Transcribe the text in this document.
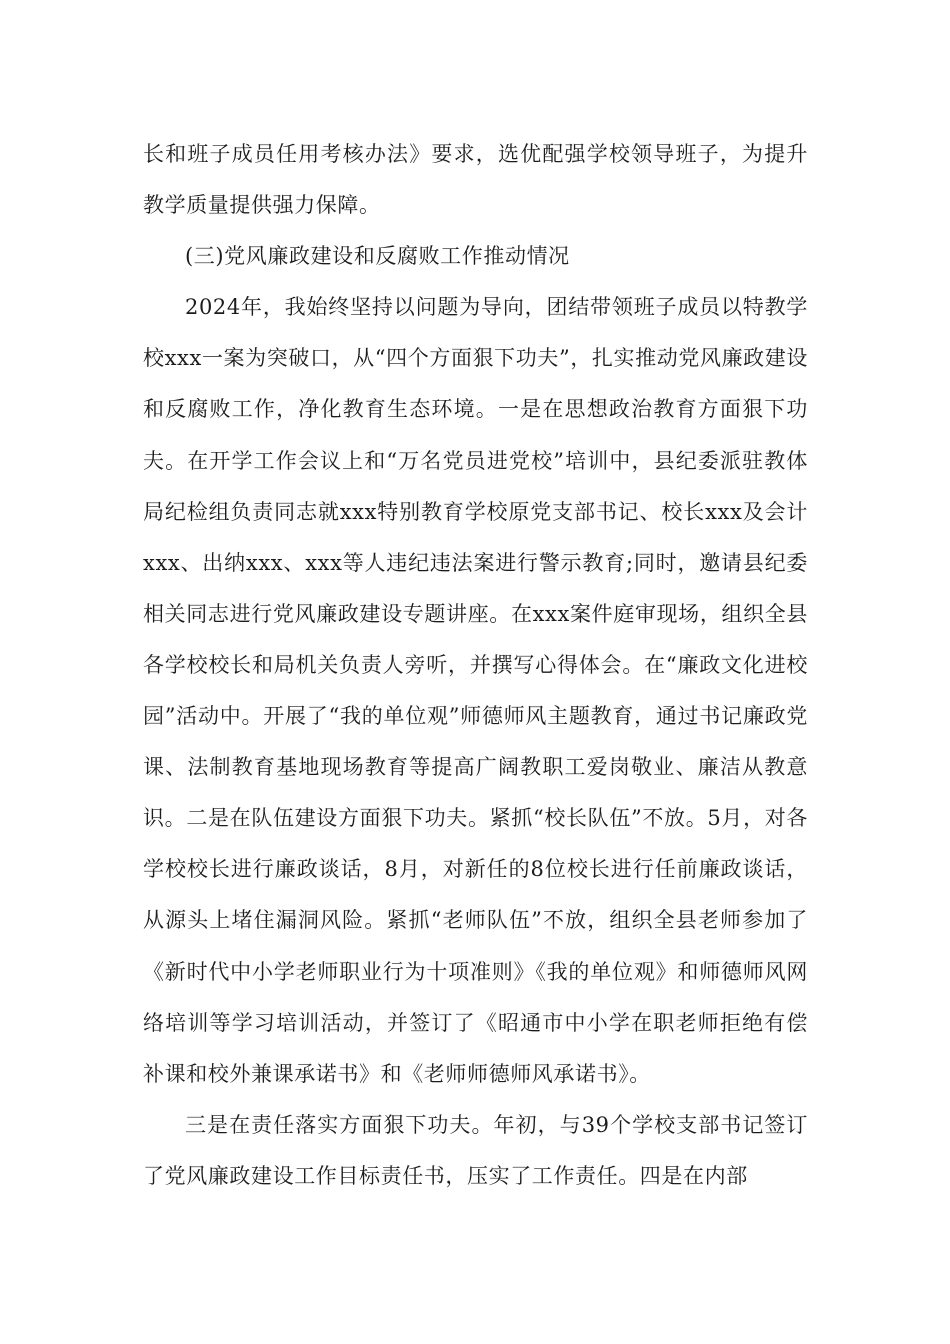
长和班子成员任用考核办法》要求，选优配强学校领导班子，为提升教学质量提供强力保障。

(三)党风廉政建设和反腐败工作推动情况

2024年，我始终坚持以问题为导向，团结带领班子成员以特教学校xxx一案为突破口，从“四个方面狠下功夫”，扎实推动党风廉政建设和反腐败工作，净化教育生态环境。一是在思想政治教育方面狠下功夫。在开学工作会议上和“万名党员进党校”培训中，县纪委派驻教体局纪检组负责同志就xxx特别教育学校原党支部书记、校长xxx及会计xxx、出纳xxx、xxx等人违纪违法案进行警示教育;同时，邀请县纪委相关同志进行党风廉政建设专题讲座。在xxx案件庭审现场，组织全县各学校校长和局机关负责人旁听，并撰写心得体会。在“廉政文化进校园”活动中。开展了“我的单位观”师德师风主题教育，通过书记廉政党课、法制教育基地现场教育等提高广阔教职工爱岗敬业、廉洁从教意识。二是在队伍建设方面狠下功夫。紧抓“校长队伍”不放。5月，对各学校校长进行廉政谈话，8月，对新任的8位校长进行任前廉政谈话，从源头上堵住漏洞风险。紧抓“老师队伍”不放，组织全县老师参加了《新时代中小学老师职业行为十项准则》《我的单位观》和师德师风网络培训等学习培训活动，并签订了《昭通市中小学在职老师拒绝有偿补课和校外兼课承诺书》和《老师师德师风承诺书》。

三是在责任落实方面狠下功夫。年初，与39个学校支部书记签订了党风廉政建设工作目标责任书，压实了工作责任。四是在内部
